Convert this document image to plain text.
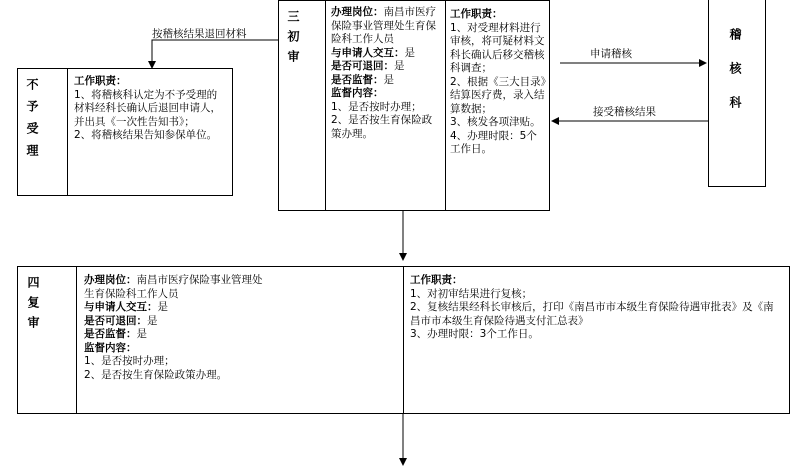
按稽核结果退回材料
申请稽核
接受稽核结果
不予受理	工作职责：
1、将稽核科认定为不予受理的材料经科长确认后退回申请人，并出具《一次性告知书》；
2、将稽核结果告知参保单位。
三初审	办理岗位：南昌市医疗保险事业管理处生育保险科工作人员
与申请人交互：是
是否可退回：是
是否监督：是
监督内容：
1、是否按时办理；
2、是否按生育保险政策办理。
工作职责：
1、对受理材料进行审核，将可疑材料文科长确认后移交稽核科调查；
2、根据《三大目录》结算医疗费，录入结算数据；
3、核发各项津贴。
4、办理时限：5个工作日。
稽核科
四复审	办理岗位：南昌市医疗保险事业管理处生育保险科工作人员
与申请人交互：是
是否可退回：是
是否监督：是
监督内容：
1、是否按时办理；
2、是否按生育保险政策办理。
工作职责：
1、对初审结果进行复核；
2、复核结果经科长审核后，打印《南昌市市本级生育保险待遇审批表》及《南昌市市本级生育保险待遇支付汇总表》
3、办理时限：3个工作日。
